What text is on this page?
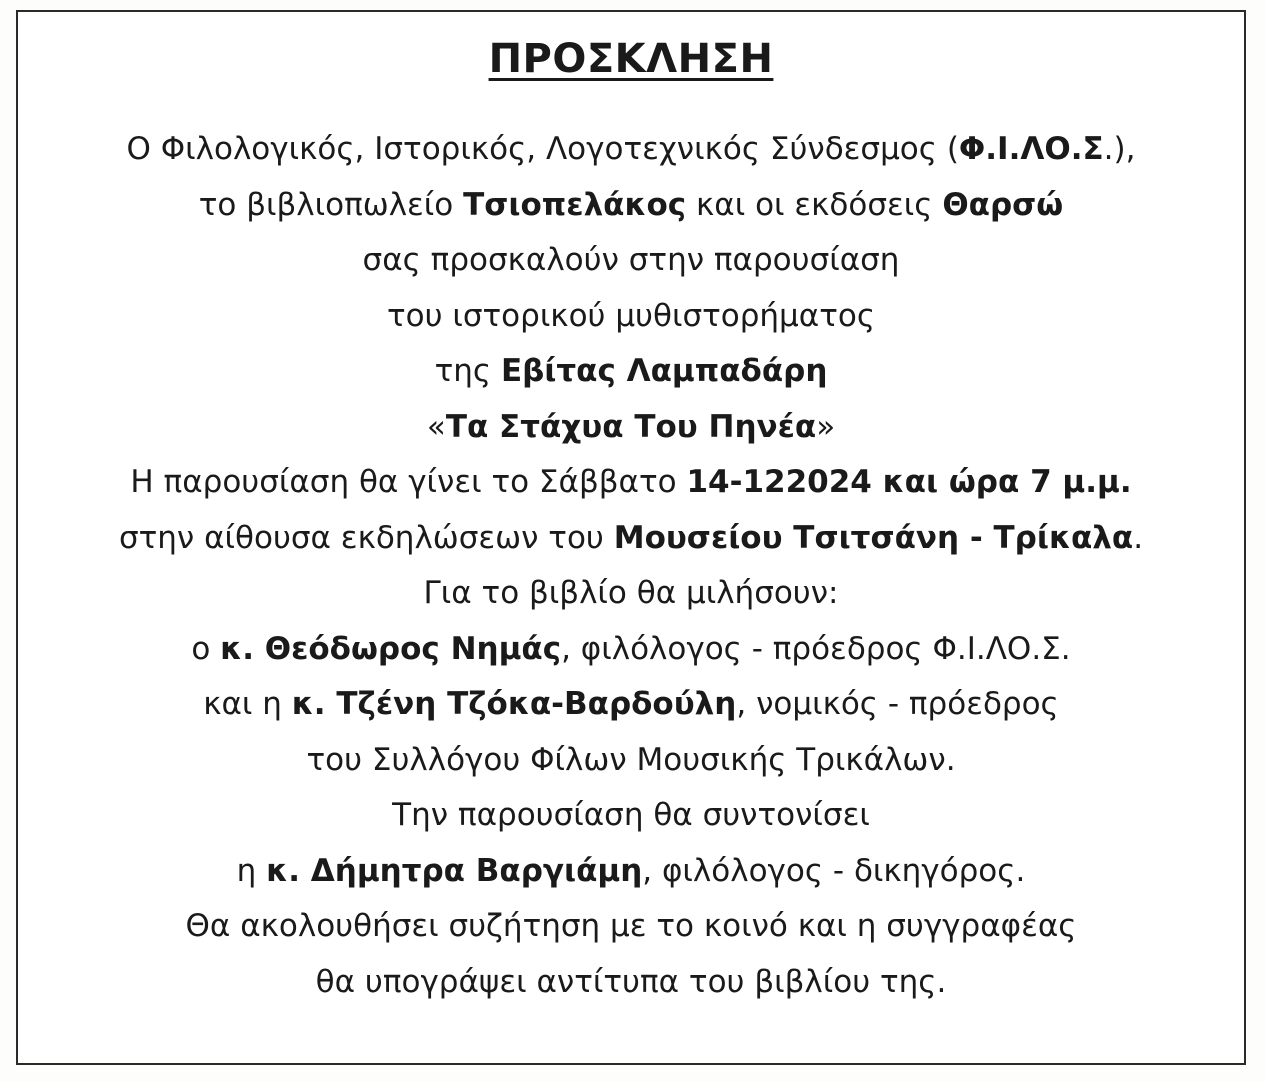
ΠΡΟΣΚΛΗΣΗ
Ο Φιλολογικός, Ιστορικός, Λογοτεχνικός Σύνδεσμος (Φ.Ι.ΛΟ.Σ.),
το βιβλιοπωλείο Τσιοπελάκος και οι εκδόσεις Θαρσώ
σας προσκαλούν στην παρουσίαση
του ιστορικού μυθιστορήματος
της Εβίτας Λαμπαδάρη
«Τα Στάχυα Του Πηνέα»
Η παρουσίαση θα γίνει το Σάββατο 14-122024 και ώρα 7 μ.μ.
στην αίθουσα εκδηλώσεων του Μουσείου Τσιτσάνη - Τρίκαλα.
Για το βιβλίο θα μιλήσουν:
ο κ. Θεόδωρος Νημάς, φιλόλογος - πρόεδρος Φ.Ι.ΛΟ.Σ.
και η κ. Τζένη Τζόκα-Βαρδούλη, νομικός - πρόεδρος
του Συλλόγου Φίλων Μουσικής Τρικάλων.
Την παρουσίαση θα συντονίσει
η κ. Δήμητρα Βαργιάμη, φιλόλογος - δικηγόρος.
Θα ακολουθήσει συζήτηση με το κοινό και η συγγραφέας
θα υπογράψει αντίτυπα του βιβλίου της.
